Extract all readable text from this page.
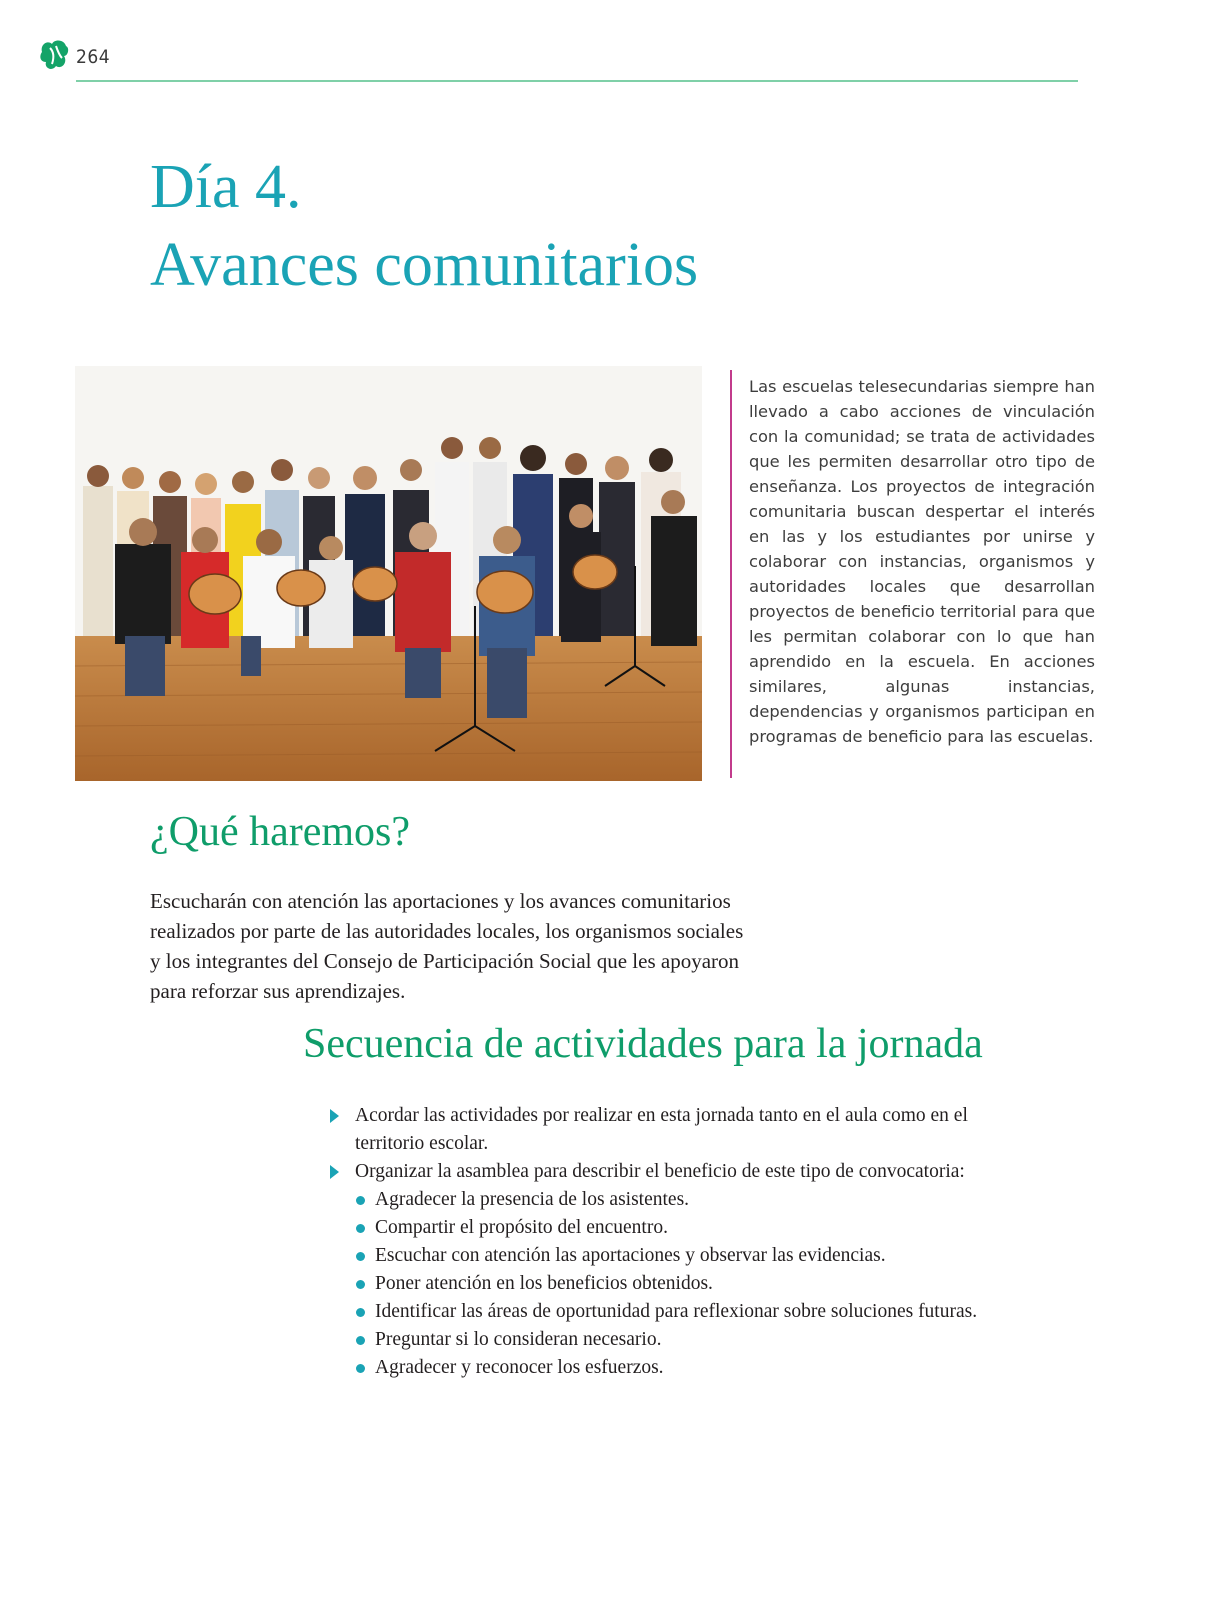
264
Día 4.
Avances comunitarios

Las escuelas telesecundarias siempre han llevado a cabo acciones de vinculación con la comunidad; se trata de actividades que les permiten desarrollar otro tipo de enseñanza. Los proyectos de integración comunitaria buscan despertar el interés en las y los estudiantes por unirse y colaborar con instancias, organismos y autoridades locales que desarrollan proyectos de beneficio territorial para que les permitan colaborar con lo que han aprendido en la escuela. En acciones similares, algunas instancias, dependencias y organismos participan en programas de beneficio para las escuelas.

¿Qué haremos?

Escucharán con atención las aportaciones y los avances comunitarios realizados por parte de las autoridades locales, los organismos sociales y los integrantes del Consejo de Participación Social que les apoyaron para reforzar sus aprendizajes.

Secuencia de actividades para la jornada
Acordar las actividades por realizar en esta jornada tanto en el aula como en el territorio escolar.
Organizar la asamblea para describir el beneficio de este tipo de convocatoria:
Agradecer la presencia de los asistentes.
Compartir el propósito del encuentro.
Escuchar con atención las aportaciones y observar las evidencias.
Poner atención en los beneficios obtenidos.
Identificar las áreas de oportunidad para reflexionar sobre soluciones futuras.
Preguntar si lo consideran necesario.
Agradecer y reconocer los esfuerzos.
